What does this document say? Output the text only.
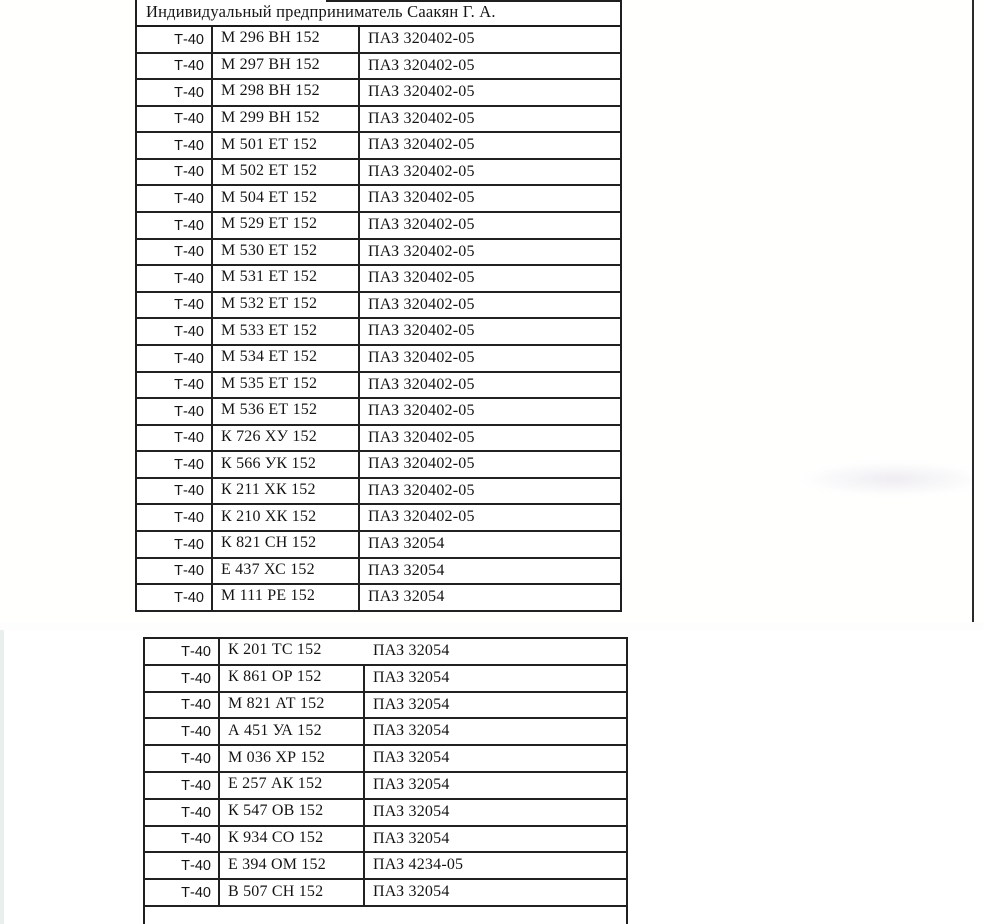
Индивидуальный предприниматель Саакян Г. А.
Т-40	М 296 ВН 152	ПАЗ 320402-05
Т-40	М 297 ВН 152	ПАЗ 320402-05
Т-40	М 298 ВН 152	ПАЗ 320402-05
Т-40	М 299 ВН 152	ПАЗ 320402-05
Т-40	М 501 ЕТ 152	ПАЗ 320402-05
Т-40	М 502 ЕТ 152	ПАЗ 320402-05
Т-40	М 504 ЕТ 152	ПАЗ 320402-05
Т-40	М 529 ЕТ 152	ПАЗ 320402-05
Т-40	М 530 ЕТ 152	ПАЗ 320402-05
Т-40	М 531 ЕТ 152	ПАЗ 320402-05
Т-40	М 532 ЕТ 152	ПАЗ 320402-05
Т-40	М 533 ЕТ 152	ПАЗ 320402-05
Т-40	М 534 ЕТ 152	ПАЗ 320402-05
Т-40	М 535 ЕТ 152	ПАЗ 320402-05
Т-40	М 536 ЕТ 152	ПАЗ 320402-05
Т-40	К 726 ХУ 152	ПАЗ 320402-05
Т-40	К 566 УК 152	ПАЗ 320402-05
Т-40	К 211 ХК 152	ПАЗ 320402-05
Т-40	К 210 ХК 152	ПАЗ 320402-05
Т-40	К 821 СН 152	ПАЗ 32054
Т-40	Е 437 ХС 152	ПАЗ 32054
Т-40	М 111 РЕ 152	ПАЗ 32054
Т-40	К 201 ТС 152	ПАЗ 32054
Т-40	К 861 ОР 152	ПАЗ 32054
Т-40	М 821 АТ 152	ПАЗ 32054
Т-40	А 451 УА 152	ПАЗ 32054
Т-40	М 036 ХР 152	ПАЗ 32054
Т-40	Е 257 АК 152	ПАЗ 32054
Т-40	К 547 ОВ 152	ПАЗ 32054
Т-40	К 934 СО 152	ПАЗ 32054
Т-40	Е 394 ОМ 152	ПАЗ 4234-05
Т-40	В 507 СН 152	ПАЗ 32054
